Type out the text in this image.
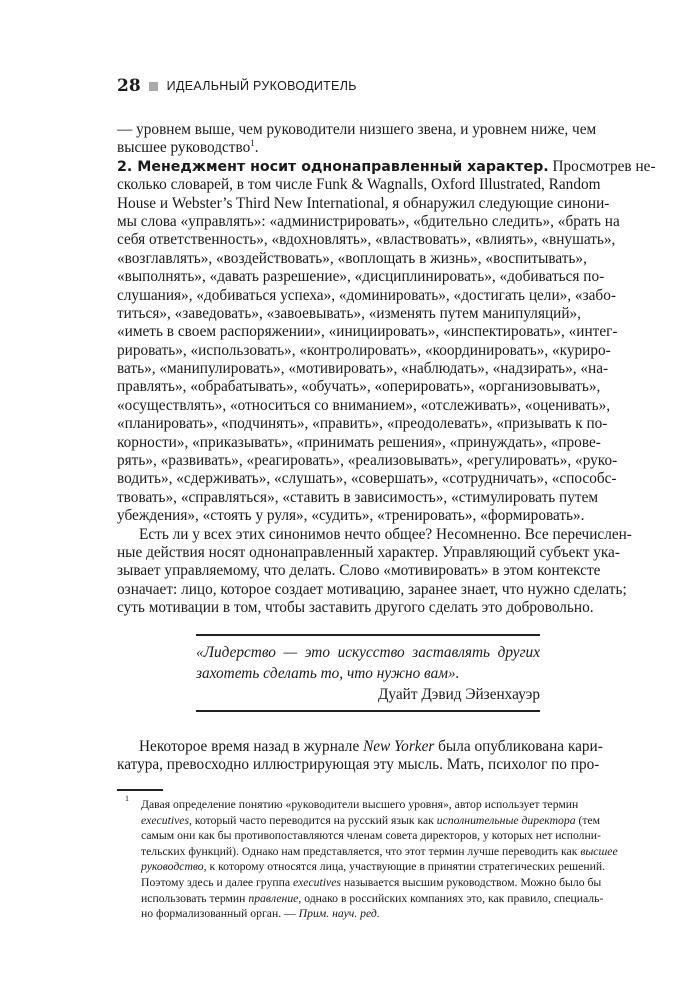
28 ИДЕАЛЬНЫЙ РУКОВОДИТЕЛЬ
— уровнем выше, чем руководители низшего звена, и уровнем ниже, чем
высшее руководство$^1$.
2. Менеджмент носит однонаправленный характер. Просмотрев не-
сколько словарей, в том числе Funk & Wagnalls, Oxford Illustrated, Random
House и Webster’s Third New International, я обнаружил следующие синони-
мы слова «управлять»: «администрировать», «бдительно следить», «брать на
себя ответственность», «вдохновлять», «властвовать», «влиять», «внушать»,
«возглавлять», «воздействовать», «воплощать в жизнь», «воспитывать»,
«выполнять», «давать разрешение», «дисциплинировать», «добиваться по-
слушания», «добиваться успеха», «доминировать», «достигать цели», «забо-
титься», «заведовать», «завоевывать», «изменять путем манипуляций»,
«иметь в своем распоряжении», «инициировать», «инспектировать», «интег-
рировать», «использовать», «контролировать», «координировать», «куриро-
вать», «манипулировать», «мотивировать», «наблюдать», «надзирать», «на-
правлять», «обрабатывать», «обучать», «оперировать», «организовывать»,
«осуществлять», «относиться со вниманием», «отслеживать», «оценивать»,
«планировать», «подчинять», «править», «преодолевать», «призывать к по-
корности», «приказывать», «принимать решения», «принуждать», «прове-
рять», «развивать», «реагировать», «реализовывать», «регулировать», «руко-
водить», «сдерживать», «слушать», «совершать», «сотрудничать», «способс-
твовать», «справляться», «ставить в зависимость», «стимулировать путем
убеждения», «стоять у руля», «судить», «тренировать», «формировать».
Есть ли у всех этих синонимов нечто общее? Несомненно. Все перечислен-
ные действия носят однонаправленный характер. Управляющий субъект ука-
зывает управляемому, что делать. Слово «мотивировать» в этом контексте
означает: лицо, которое создает мотивацию, заранее знает, что нужно сделать;
суть мотивации в том, чтобы заставить другого сделать это добровольно.
«Лидерство — это искусство заставлять других
захотеть сделать то, что нужно вам».
Дуайт Дэвид Эйзенхауэр
Некоторое время назад в журнале New Yorker была опубликована кари-
катура, превосходно иллюстрирующая эту мысль. Мать, психолог по про-
1	Давая определение понятию «руководители высшего уровня», автор использует термин
executives, который часто переводится на русский язык как исполнительные директора (тем
самым они как бы противопоставляются членам совета директоров, у которых нет исполни-
тельских функций). Однако нам представляется, что этот термин лучше переводить как высшее
руководство, к которому относятся лица, участвующие в принятии стратегических решений.
Поэтому здесь и далее группа executives называется высшим руководством. Можно было бы
использовать термин правление, однако в российских компаниях это, как правило, специаль-
но формализованный орган. — Прим. науч. ред.
